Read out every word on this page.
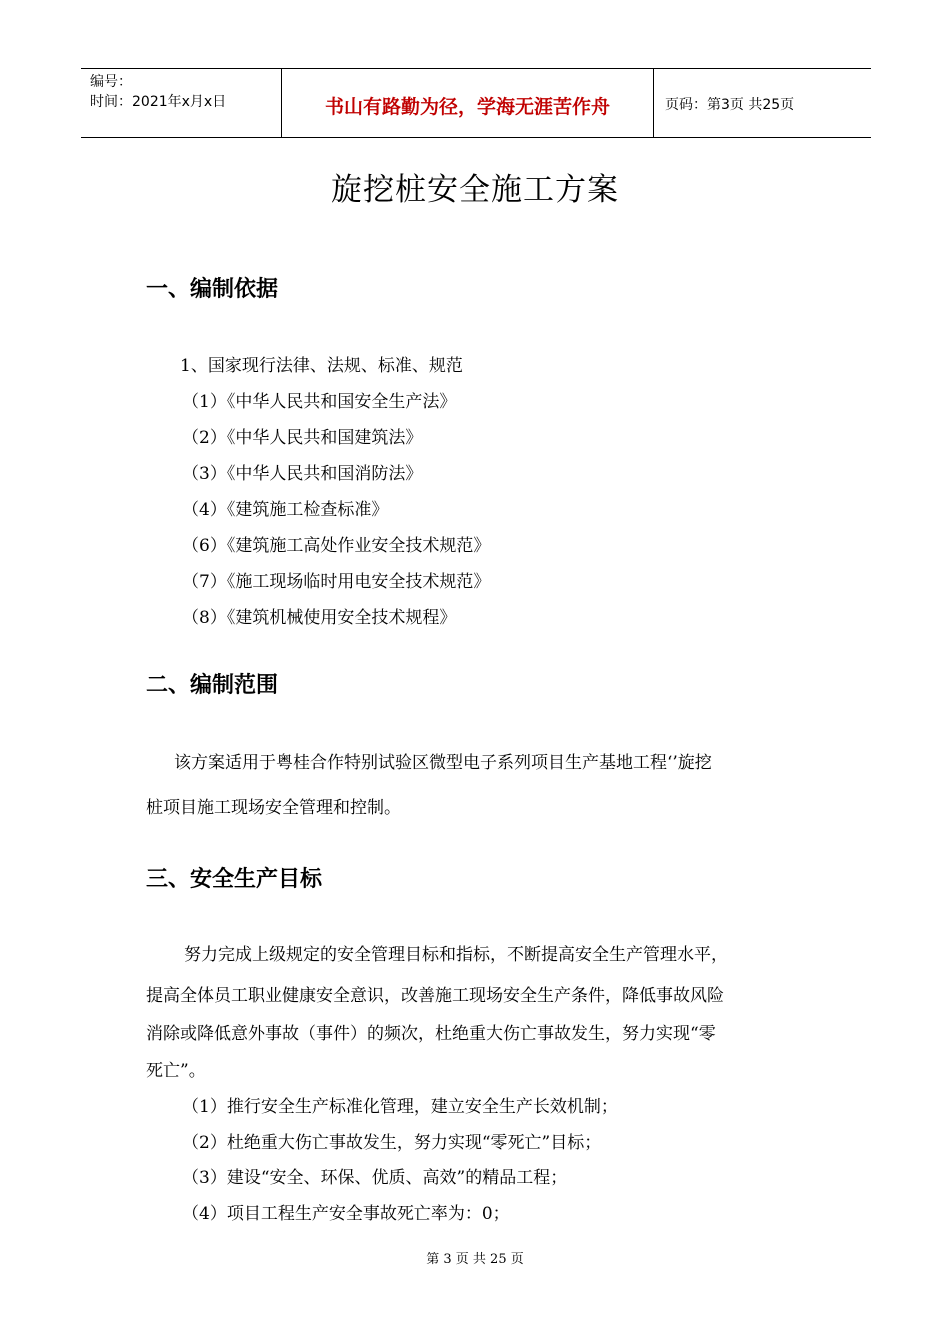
编号：
时间：2021年x月x日	书山有路勤为径，学海无涯苦作舟	页码：第3页 共25页
旋挖桩安全施工方案
一、编制依据
1、国家现行法律、法规、标准、规范
（1）《中华人民共和国安全生产法》
（2）《中华人民共和国建筑法》
（3）《中华人民共和国消防法》
（4）《建筑施工检查标准》
（6）《建筑施工高处作业安全技术规范》
（7）《施工现场临时用电安全技术规范》
（8）《建筑机械使用安全技术规程》
二、编制范围
该方案适用于粤桂合作特别试验区微型电子系列项目生产基地工程‘’旋挖
桩项目施工现场安全管理和控制。
三、安全生产目标
努力完成上级规定的安全管理目标和指标，不断提高安全生产管理水平，
提高全体员工职业健康安全意识，改善施工现场安全生产条件，降低事故风险
消除或降低意外事故（事件）的频次，杜绝重大伤亡事故发生，努力实现“零
死亡”。
（1）推行安全生产标准化管理，建立安全生产长效机制；
（2）杜绝重大伤亡事故发生，努力实现“零死亡”目标；
（3）建设“安全、环保、优质、高效”的精品工程；
（4）项目工程生产安全事故死亡率为：0；
第 3 页 共 25 页
